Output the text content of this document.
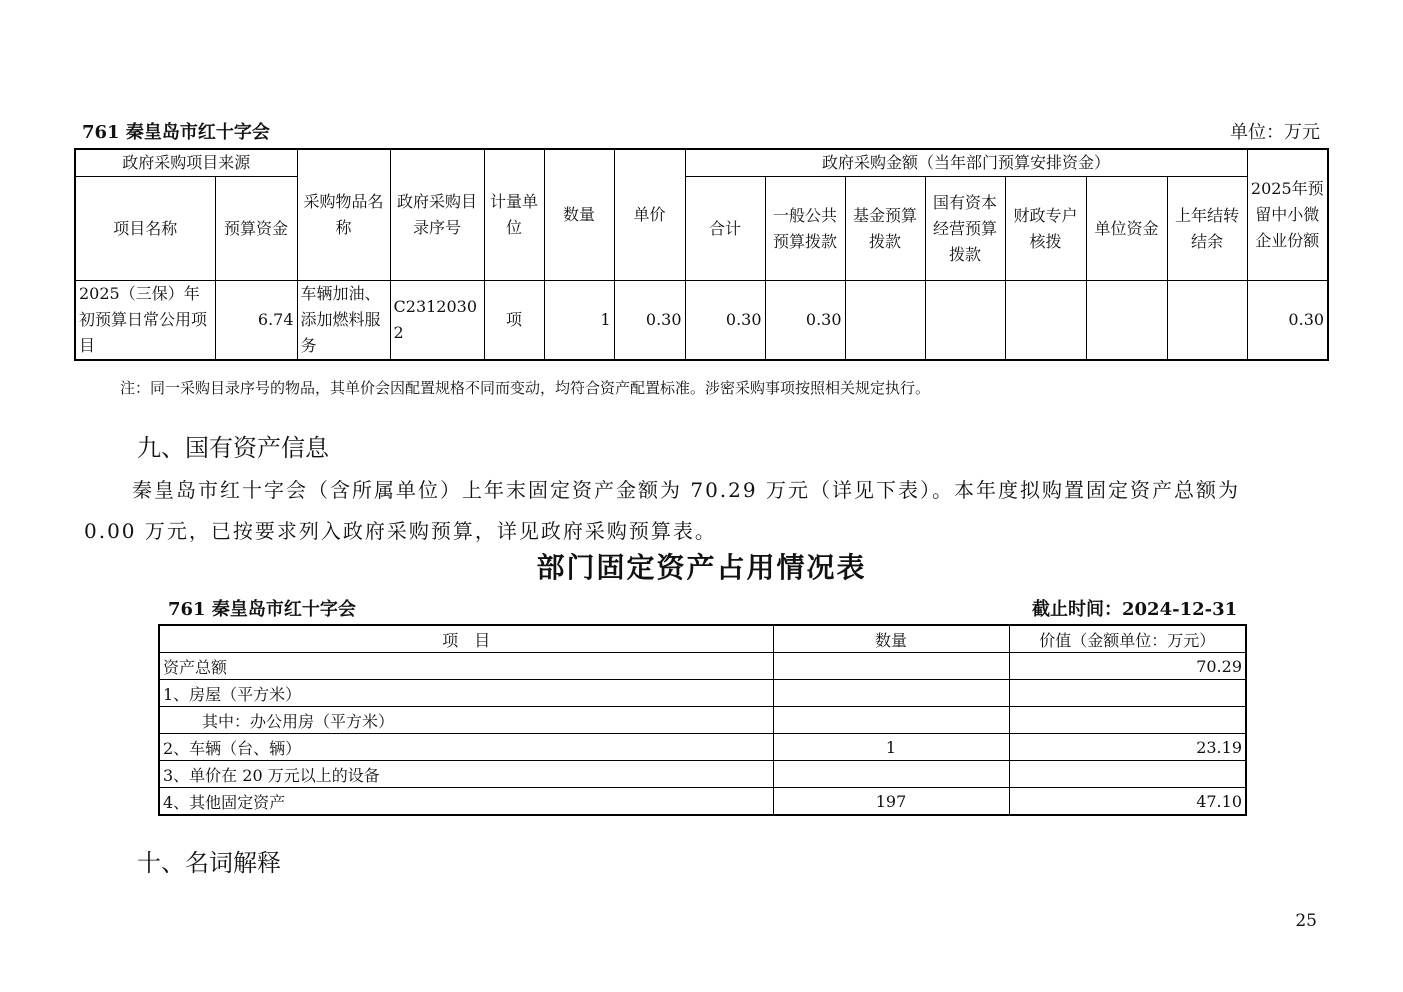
761 秦皇岛市红十字会	单位：万元
政府采购项目来源		采购物品名称	政府采购目录序号	计量单位	数量	单价	政府采购金额（当年部门预算安排资金）							2025年预留中小微企业份额
项目名称	预算资金						合计	一般公共预算拨款	基金预算拨款	国有资本经营预算拨款	财政专户核拨	单位资金	上年结转结余	
2025（三保）年初预算日常公用项目	6.74	车辆加油、添加燃料服务	C23120302	项	1	0.30	0.30	0.30						0.30
注：同一采购目录序号的物品，其单价会因配置规格不同而变动，均符合资产配置标准。涉密采购事项按照相关规定执行。
九、国有资产信息
秦皇岛市红十字会（含所属单位）上年末固定资产金额为 70.29 万元（详见下表）。本年度拟购置固定资产总额为
0.00 万元，已按要求列入政府采购预算，详见政府采购预算表。
部门固定资产占用情况表
761 秦皇岛市红十字会	截止时间：2024-12-31
项　目	数量	价值（金额单位：万元）
资产总额		70.29
1、房屋（平方米）		
其中：办公用房（平方米）		
2、车辆（台、辆）	1	23.19
3、单价在 20 万元以上的设备		
4、其他固定资产	197	47.10
十、名词解释
25
